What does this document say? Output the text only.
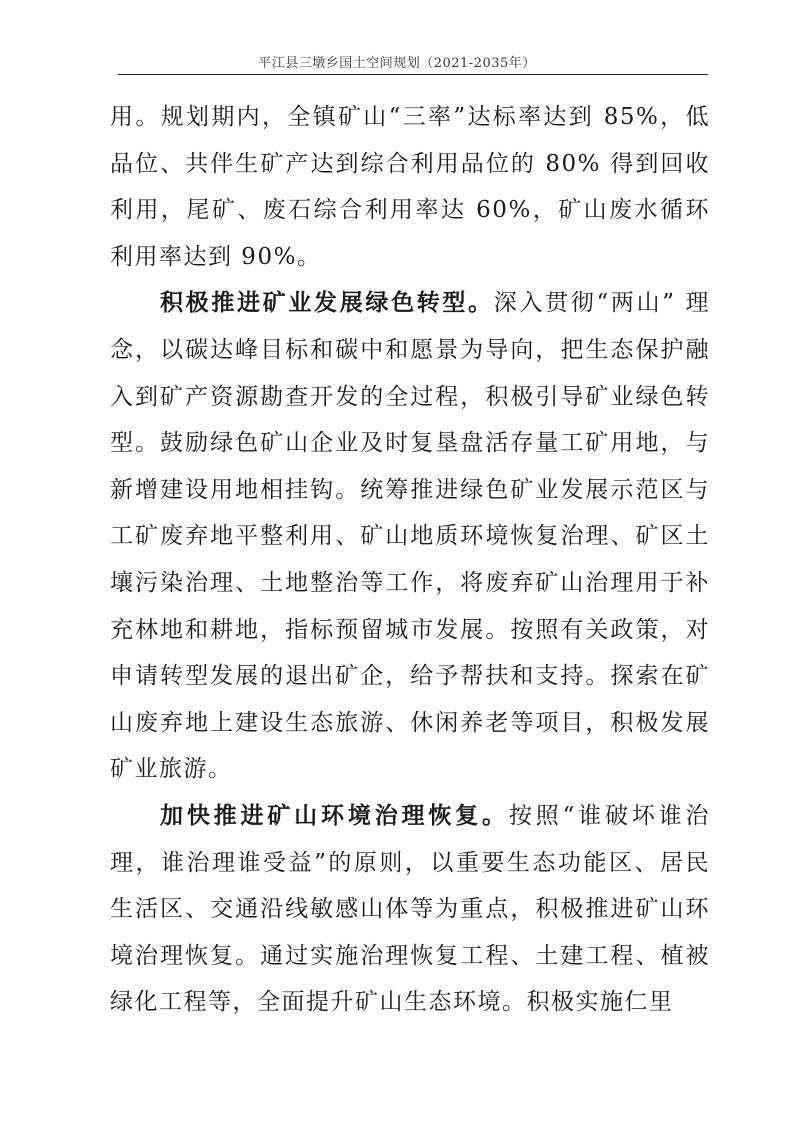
平江县三墩乡国土空间规划（2021-2035年）

用。规划期内，全镇矿山“三率”达标率达到 85%，低品位、共伴生矿产达到综合利用品位的 80% 得到回收利用，尾矿、废石综合利用率达 60%，矿山废水循环利用率达到 90%。

积极推进矿业发展绿色转型。深入贯彻“两山” 理念，以碳达峰目标和碳中和愿景为导向，把生态保护融入到矿产资源勘查开发的全过程，积极引导矿业绿色转型。鼓励绿色矿山企业及时复垦盘活存量工矿用地，与新增建设用地相挂钩。统筹推进绿色矿业发展示范区与工矿废弃地平整利用、矿山地质环境恢复治理、矿区土壤污染治理、土地整治等工作，将废弃矿山治理用于补充林地和耕地，指标预留城市发展。按照有关政策，对申请转型发展的退出矿企，给予帮扶和支持。探索在矿山废弃地上建设生态旅游、休闲养老等项目，积极发展矿业旅游。

加快推进矿山环境治理恢复。按照“谁破坏谁治理，谁治理谁受益”的原则，以重要生态功能区、居民生活区、交通沿线敏感山体等为重点，积极推进矿山环境治理恢复。通过实施治理恢复工程、土建工程、植被绿化工程等，全面提升矿山生态环境。积极实施仁里
